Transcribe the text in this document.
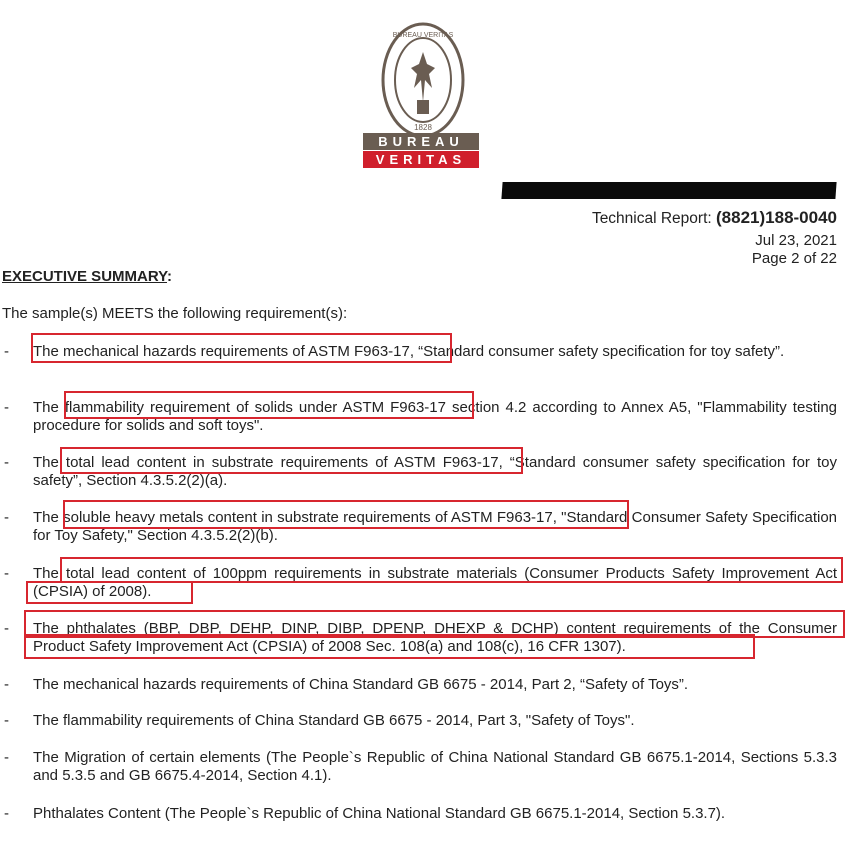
BUREAU VERITAS
1828
BUREAU
VERITAS
Technical Report: (8821)188-0040
Jul 23, 2021
Page 2 of 22
EXECUTIVE SUMMARY:
The sample(s) MEETS the following requirement(s):
- The mechanical hazards requirements of ASTM F963-17, “Standard consumer safety specification for toy safety”.
- The flammability requirement of solids under ASTM F963-17 section 4.2 according to Annex A5, "Flammability testing procedure for solids and soft toys".
- The total lead content in substrate requirements of ASTM F963-17, “Standard consumer safety specification for toy safety”, Section 4.3.5.2(2)(a).
- The soluble heavy metals content in substrate requirements of ASTM F963-17, "Standard Consumer Safety Specification for Toy Safety," Section 4.3.5.2(2)(b).
- The total lead content of 100ppm requirements in substrate materials (Consumer Products Safety Improvement Act (CPSIA) of 2008).
- The phthalates (BBP, DBP, DEHP, DINP, DIBP, DPENP, DHEXP & DCHP) content requirements of the Consumer Product Safety Improvement Act (CPSIA) of 2008 Sec. 108(a) and 108(c), 16 CFR 1307).
- The mechanical hazards requirements of China Standard GB 6675 - 2014, Part 2, “Safety of Toys”.
- The flammability requirements of China Standard GB 6675 - 2014, Part 3, "Safety of Toys".
- The Migration of certain elements (The People`s Republic of China National Standard GB 6675.1-2014, Sections 5.3.3 and 5.3.5 and GB 6675.4-2014, Section 4.1).
- Phthalates Content (The People`s Republic of China National Standard GB 6675.1-2014, Section 5.3.7).
